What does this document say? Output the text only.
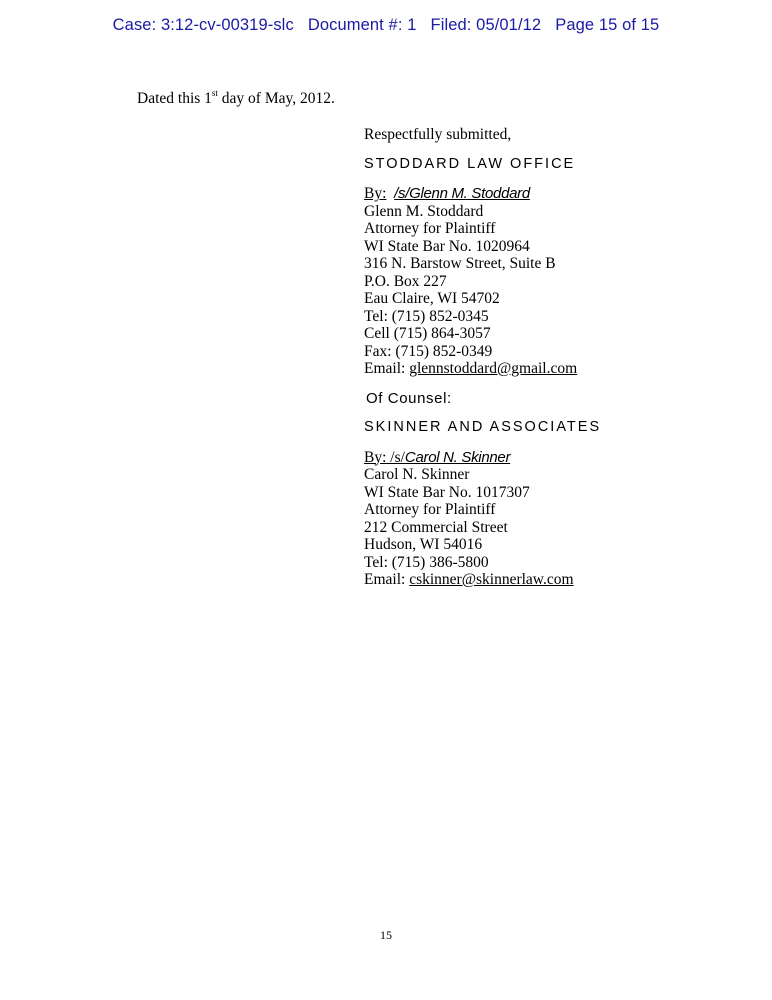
Case: 3:12-cv-00319-slc Document #: 1 Filed: 05/01/12 Page 15 of 15
Dated this 1st day of May, 2012.
Respectfully submitted,
STODDARD LAW OFFICE
By: /s/Glenn M. Stoddard
Glenn M. Stoddard
Attorney for Plaintiff
WI State Bar No. 1020964
316 N. Barstow Street, Suite B
P.O. Box 227
Eau Claire, WI 54702
Tel: (715) 852-0345
Cell (715) 864-3057
Fax: (715) 852-0349
Email: glennstoddard@gmail.com
Of Counsel:
SKINNER AND ASSOCIATES
By: /s/Carol N. Skinner
Carol N. Skinner
WI State Bar No. 1017307
Attorney for Plaintiff
212 Commercial Street
Hudson, WI 54016
Tel: (715) 386-5800
Email: cskinner@skinnerlaw.com
15
